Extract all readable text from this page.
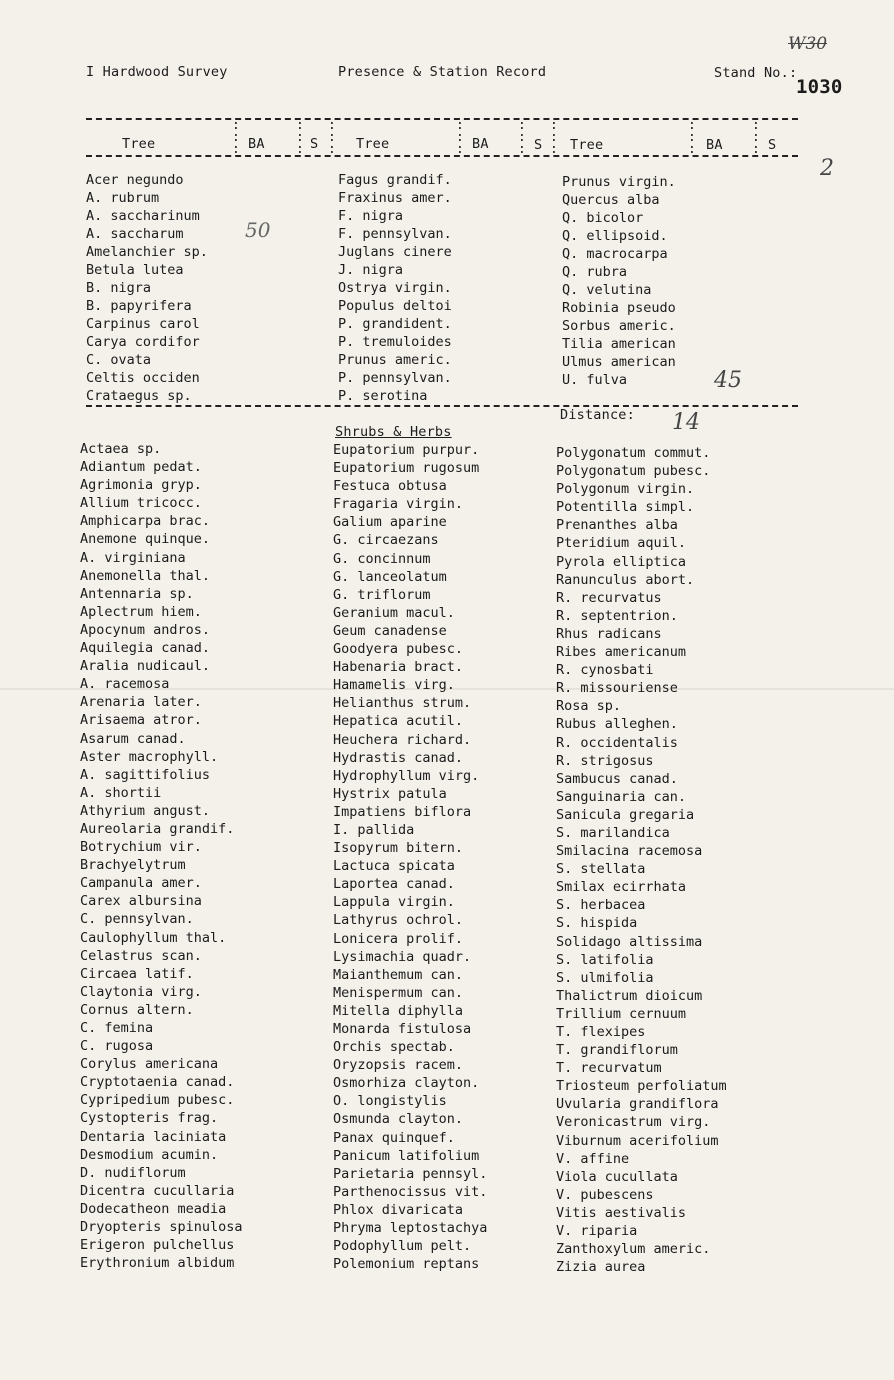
I Hardwood Survey	Presence & Station Record	Stand No.:
W30
1030
Tree	BA	S	Tree	BA	S Tree	BA	S
:
:
:
:
:
:
:
:
:
:
:
:
:
:
:
:
:
:
:
:
:
:
:
:
2
50
45
14
Acer negundo
A. rubrum
A. saccharinum
A. saccharum
Amelanchier sp.
Betula lutea
B. nigra
B. papyrifera
Carpinus carol
Carya cordifor
C. ovata
Celtis occiden
Crataegus sp.
Fagus grandif.
Fraxinus amer.
F. nigra
F. pennsylvan.
Juglans cinere
J. nigra
Ostrya virgin.
Populus deltoi
P. grandident.
P. tremuloides
Prunus americ.
P. pennsylvan.
P. serotina
Prunus virgin.
Quercus alba
Q. bicolor
Q. ellipsoid.
Q. macrocarpa
Q. rubra
Q. velutina
Robinia pseudo
Sorbus americ.
Tilia american
Ulmus american
U. fulva
Distance:
Shrubs & Herbs
Actaea sp.
Adiantum pedat.
Agrimonia gryp.
Allium tricocc.
Amphicarpa brac.
Anemone quinque.
A. virginiana
Anemonella thal.
Antennaria sp.
Aplectrum hiem.
Apocynum andros.
Aquilegia canad.
Aralia nudicaul.
A. racemosa
Arenaria later.
Arisaema atror.
Asarum canad.
Aster macrophyll.
A. sagittifolius
A. shortii
Athyrium angust.
Aureolaria grandif.
Botrychium vir.
Brachyelytrum
Campanula amer.
Carex albursina
C. pennsylvan.
Caulophyllum thal.
Celastrus scan.
Circaea latif.
Claytonia virg.
Cornus altern.
C. femina
C. rugosa
Corylus americana
Cryptotaenia canad.
Cypripedium pubesc.
Cystopteris frag.
Dentaria laciniata
Desmodium acumin.
D. nudiflorum
Dicentra cucullaria
Dodecatheon meadia
Dryopteris spinulosa
Erigeron pulchellus
Erythronium albidum
Eupatorium purpur.
Eupatorium rugosum
Festuca obtusa
Fragaria virgin.
Galium aparine
G. circaezans
G. concinnum
G. lanceolatum
G. triflorum
Geranium macul.
Geum canadense
Goodyera pubesc.
Habenaria bract.
Hamamelis virg.
Helianthus strum.
Hepatica acutil.
Heuchera richard.
Hydrastis canad.
Hydrophyllum virg.
Hystrix patula
Impatiens biflora
I. pallida
Isopyrum bitern.
Lactuca spicata
Laportea canad.
Lappula virgin.
Lathyrus ochrol.
Lonicera prolif.
Lysimachia quadr.
Maianthemum can.
Menispermum can.
Mitella diphylla
Monarda fistulosa
Orchis spectab.
Oryzopsis racem.
Osmorhiza clayton.
O. longistylis
Osmunda clayton.
Panax quinquef.
Panicum latifolium
Parietaria pennsyl.
Parthenocissus vit.
Phlox divaricata
Phryma leptostachya
Podophyllum pelt.
Polemonium reptans
Polygonatum commut.
Polygonatum pubesc.
Polygonum virgin.
Potentilla simpl.
Prenanthes alba
Pteridium aquil.
Pyrola elliptica
Ranunculus abort.
R. recurvatus
R. septentrion.
Rhus radicans
Ribes americanum
R. cynosbati
R. missouriense
Rosa sp.
Rubus alleghen.
R. occidentalis
R. strigosus
Sambucus canad.
Sanguinaria can.
Sanicula gregaria
S. marilandica
Smilacina racemosa
S. stellata
Smilax ecirrhata
S. herbacea
S. hispida
Solidago altissima
S. latifolia
S. ulmifolia
Thalictrum dioicum
Trillium cernuum
T. flexipes
T. grandiflorum
T. recurvatum
Triosteum perfoliatum
Uvularia grandiflora
Veronicastrum virg.
Viburnum acerifolium
V. affine
Viola cucullata
V. pubescens
Vitis aestivalis
V. riparia
Zanthoxylum americ.
Zizia aurea
